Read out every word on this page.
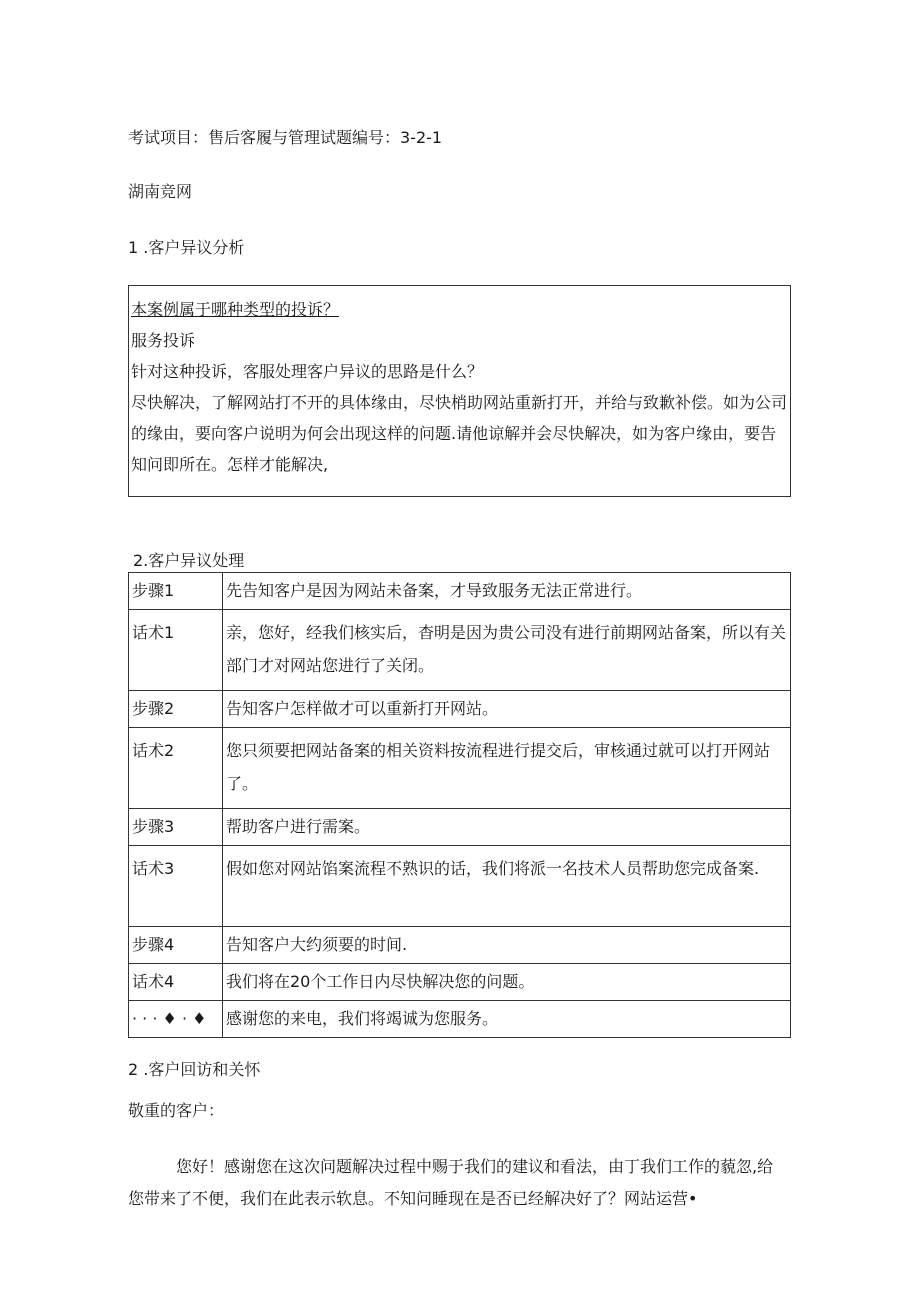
考试项目：售后客履与管理试题编号：3-2-1
湖南竞网
1 .客户异议分析
本案例属于哪种类型的投诉？
服务投诉
针对这种投诉，客服处理客户异议的思路是什么？
尽快解决，了解网站打不开的具体缘由，尽快梢助网站重新打开，并给与致歉补偿。如为公司的缘由，要向客户说明为何会出现这样的问题.请他谅解并会尽快解决，如为客户缘由，要告知问即所在。怎样才能解决,
2.客户异议处理
步骤1	先告知客户是因为网站未备案，才导致服务无法正常进行。
话术1	亲，您好，经我们核实后，杳明是因为贵公司没有进行前期网站备案，所以有关部门才对网站您进行了关闭。
步骤2	告知客户怎样做才可以重新打开网站。
话术2	您只须要把网站备案的相关资料按流程进行提交后，审核通过就可以打开网站了。
步骤3	帮助客户进行需案。
话术3	假如您对网站馅案流程不熟识的话，我们将派一名技术人员帮助您完成备案.
步骤4	告知客户大约须要的时间.
话术4	我们将在20个工作日内尽快解决您的问题。
· · · ♦ · ♦	感谢您的来电，我们将竭诚为您服务。
2 .客户回访和关怀
敬重的客户：
您好！感谢您在这次问题解决过程中赐于我们的建议和看法，由丁我们工作的藐忽,给您带来了不便，我们在此表示软息。不知问睡现在是否已经解决好了？网站运营•
